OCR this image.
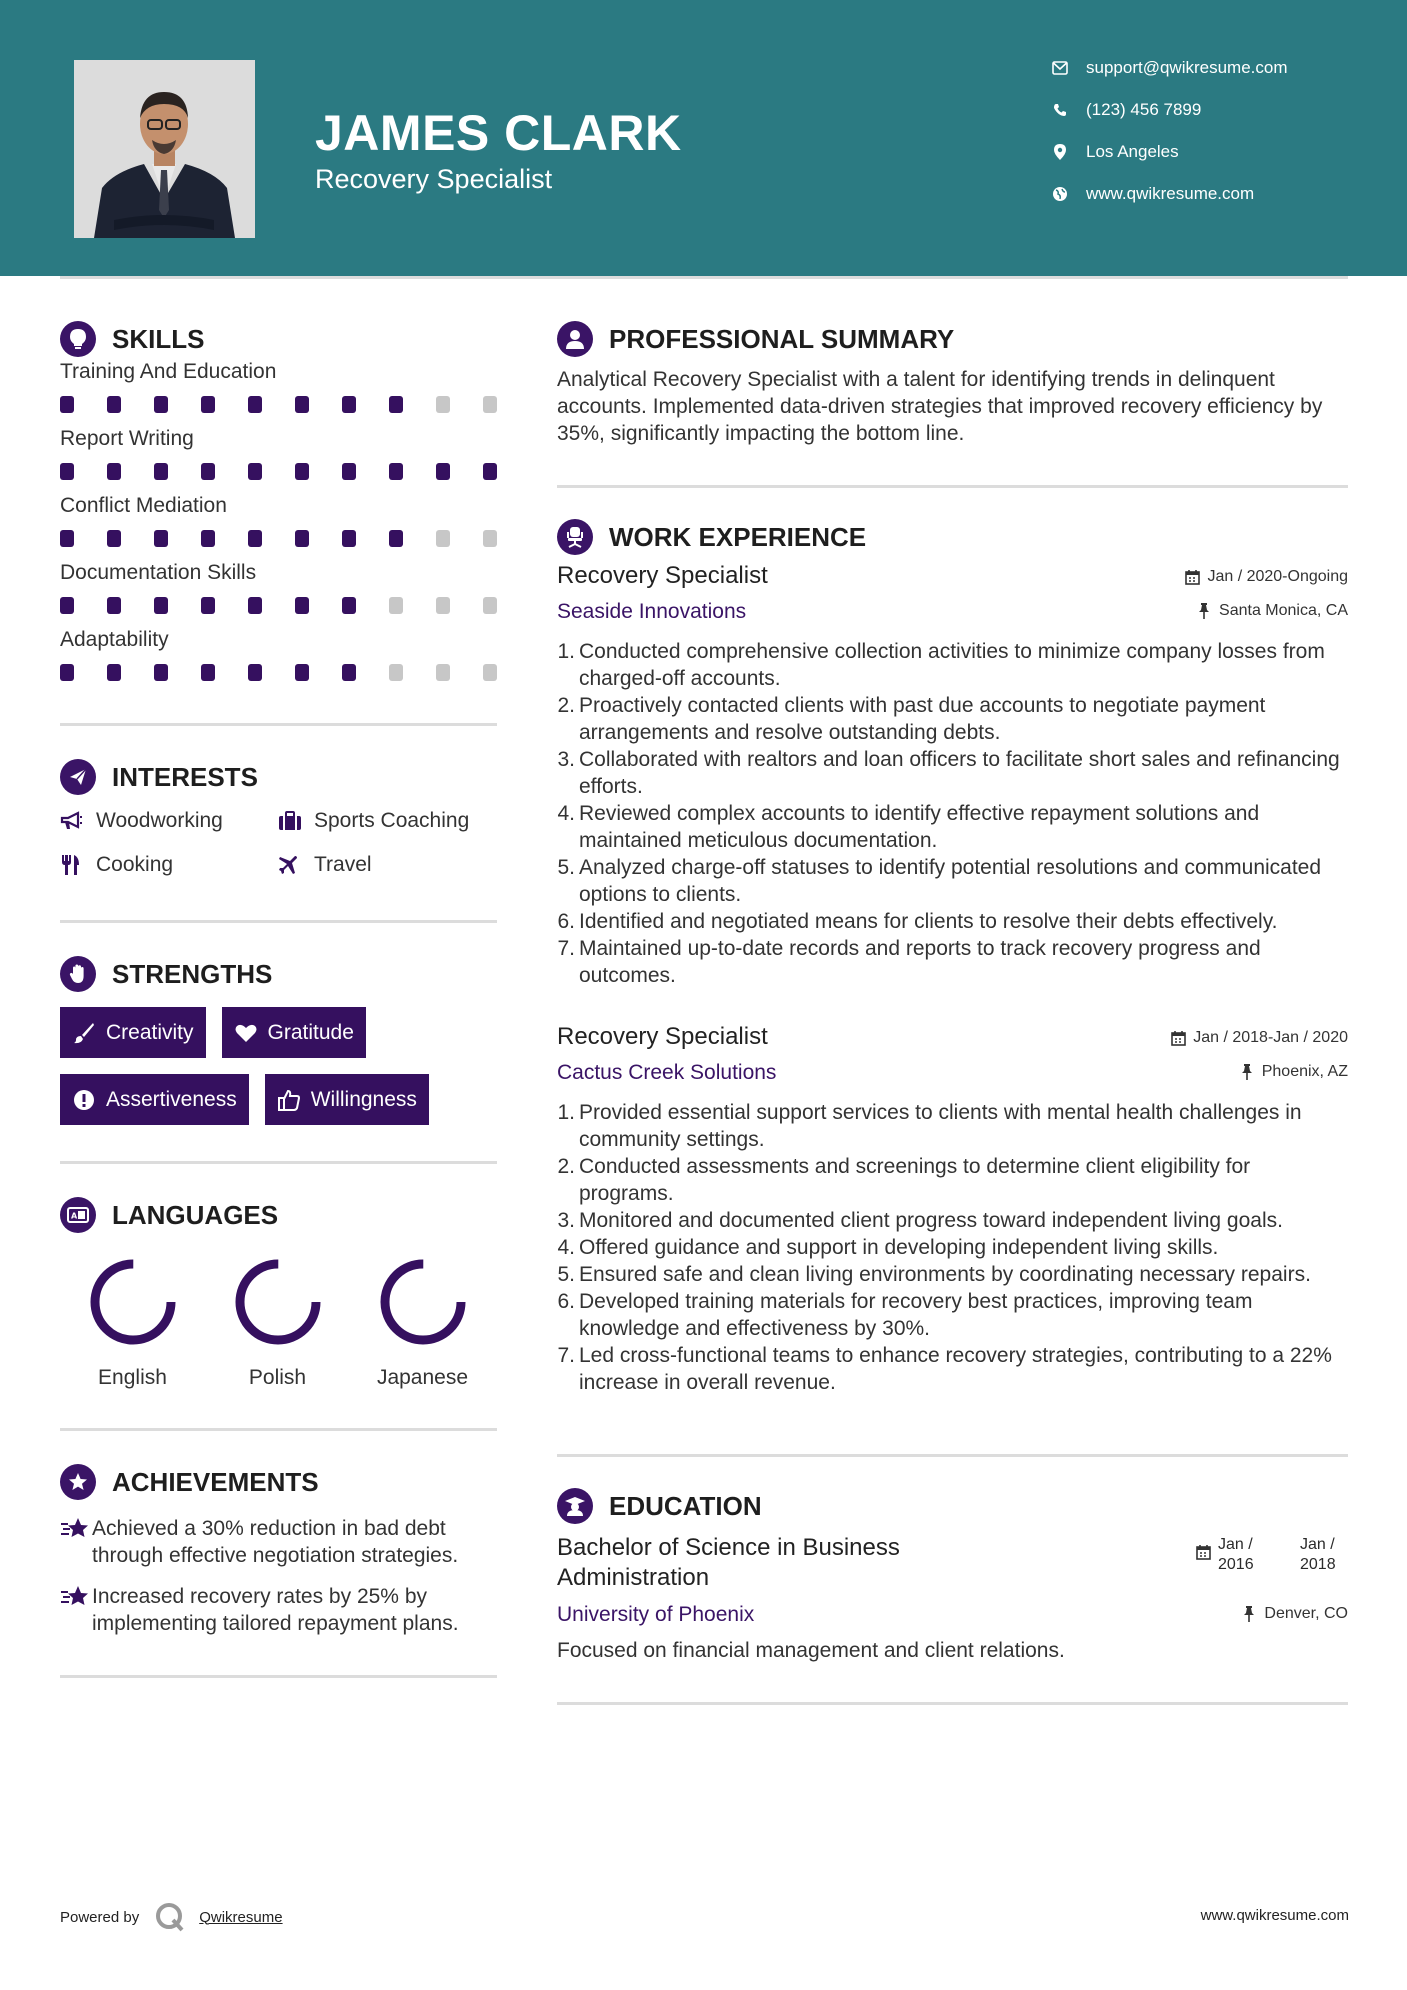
JAMES CLARK
Recovery Specialist
support@qwikresume.com
(123) 456 7899
Los Angeles
www.qwikresume.com
SKILLS
Training And Education
Report Writing
Conflict Mediation
Documentation Skills
Adaptability
INTERESTS
Woodworking	Sports Coaching
Cooking	Travel
STRENGTHS
Creativity	Gratitude
Assertiveness	Willingness
A LANGUAGES
English	Polish	Japanese
ACHIEVEMENTS
Achieved a 30% reduction in bad debt through effective negotiation strategies.
Increased recovery rates by 25% by implementing tailored repayment plans.
PROFESSIONAL SUMMARY
Analytical Recovery Specialist with a talent for identifying trends in delinquent accounts. Implemented data-driven strategies that improved recovery efficiency by 35%, significantly impacting the bottom line.
WORK EXPERIENCE
Recovery Specialist	Jan / 2020-Ongoing
Seaside Innovations	Santa Monica, CA
1. Conducted comprehensive collection activities to minimize company losses from charged-off accounts.
2. Proactively contacted clients with past due accounts to negotiate payment arrangements and resolve outstanding debts.
3. Collaborated with realtors and loan officers to facilitate short sales and refinancing efforts.
4. Reviewed complex accounts to identify effective repayment solutions and maintained meticulous documentation.
5. Analyzed charge-off statuses to identify potential resolutions and communicated options to clients.
6. Identified and negotiated means for clients to resolve their debts effectively.
7. Maintained up-to-date records and reports to track recovery progress and outcomes.
Recovery Specialist	Jan / 2018-Jan / 2020
Cactus Creek Solutions	Phoenix, AZ
1. Provided essential support services to clients with mental health challenges in community settings.
2. Conducted assessments and screenings to determine client eligibility for programs.
3. Monitored and documented client progress toward independent living goals.
4. Offered guidance and support in developing independent living skills.
5. Ensured safe and clean living environments by coordinating necessary repairs.
6. Developed training materials for recovery best practices, improving team knowledge and effectiveness by 30%.
7. Led cross-functional teams to enhance recovery strategies, contributing to a 22% increase in overall revenue.
EDUCATION
Bachelor of Science in Business Administration
Jan / 2016
Jan / 2018
University of Phoenix	Denver, CO
Focused on financial management and client relations.
Powered by	Qwikresume	www.qwikresume.com
